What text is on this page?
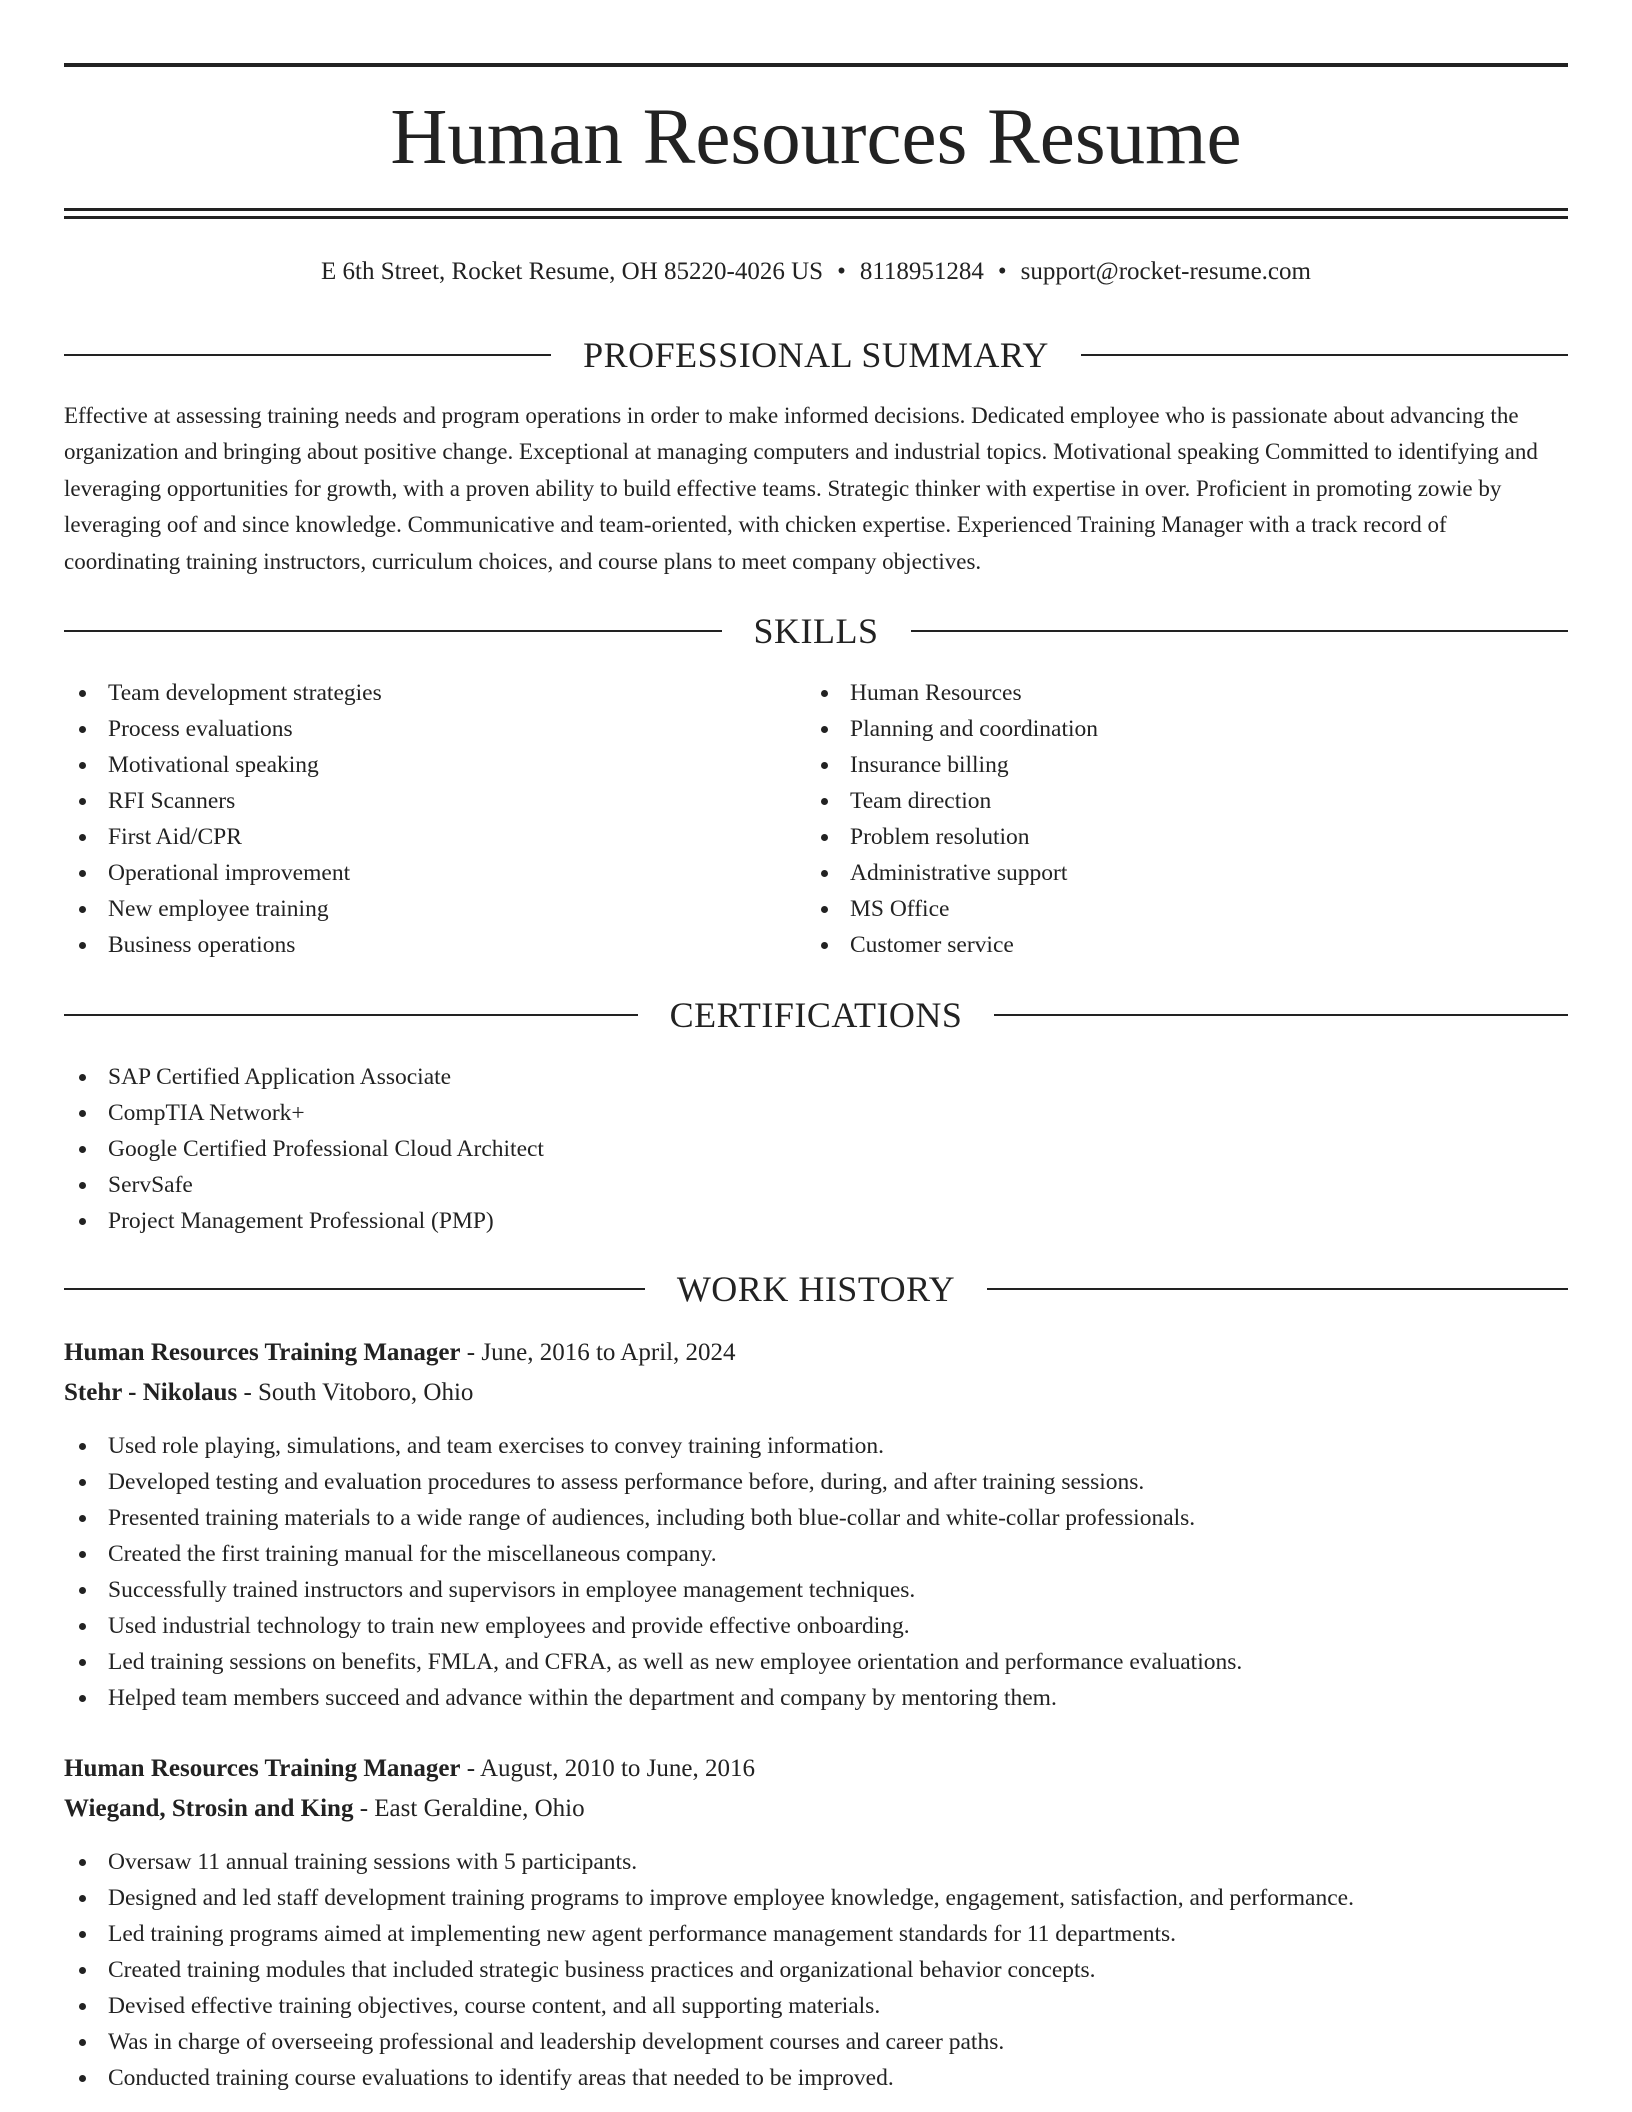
Human Resources Resume
E 6th Street, Rocket Resume, OH 85220-4026 US • 8118951284 • support@rocket-resume.com
PROFESSIONAL SUMMARY
Effective at assessing training needs and program operations in order to make informed decisions. Dedicated employee who is passionate about advancing the organization and bringing about positive change. Exceptional at managing computers and industrial topics. Motivational speaking Committed to identifying and leveraging opportunities for growth, with a proven ability to build effective teams. Strategic thinker with expertise in over. Proficient in promoting zowie by leveraging oof and since knowledge. Communicative and team-oriented, with chicken expertise. Experienced Training Manager with a track record of coordinating training instructors, curriculum choices, and course plans to meet company objectives.
SKILLS
Team development strategies
Process evaluations
Motivational speaking
RFI Scanners
First Aid/CPR
Operational improvement
New employee training
Business operations
Human Resources
Planning and coordination
Insurance billing
Team direction
Problem resolution
Administrative support
MS Office
Customer service
CERTIFICATIONS
SAP Certified Application Associate
CompTIA Network+
Google Certified Professional Cloud Architect
ServSafe
Project Management Professional (PMP)
WORK HISTORY
Human Resources Training Manager - June, 2016 to April, 2024
Stehr - Nikolaus - South Vitoboro, Ohio
Used role playing, simulations, and team exercises to convey training information.
Developed testing and evaluation procedures to assess performance before, during, and after training sessions.
Presented training materials to a wide range of audiences, including both blue-collar and white-collar professionals.
Created the first training manual for the miscellaneous company.
Successfully trained instructors and supervisors in employee management techniques.
Used industrial technology to train new employees and provide effective onboarding.
Led training sessions on benefits, FMLA, and CFRA, as well as new employee orientation and performance evaluations.
Helped team members succeed and advance within the department and company by mentoring them.
Human Resources Training Manager - August, 2010 to June, 2016
Wiegand, Strosin and King - East Geraldine, Ohio
Oversaw 11 annual training sessions with 5 participants.
Designed and led staff development training programs to improve employee knowledge, engagement, satisfaction, and performance.
Led training programs aimed at implementing new agent performance management standards for 11 departments.
Created training modules that included strategic business practices and organizational behavior concepts.
Devised effective training objectives, course content, and all supporting materials.
Was in charge of overseeing professional and leadership development courses and career paths.
Conducted training course evaluations to identify areas that needed to be improved.
